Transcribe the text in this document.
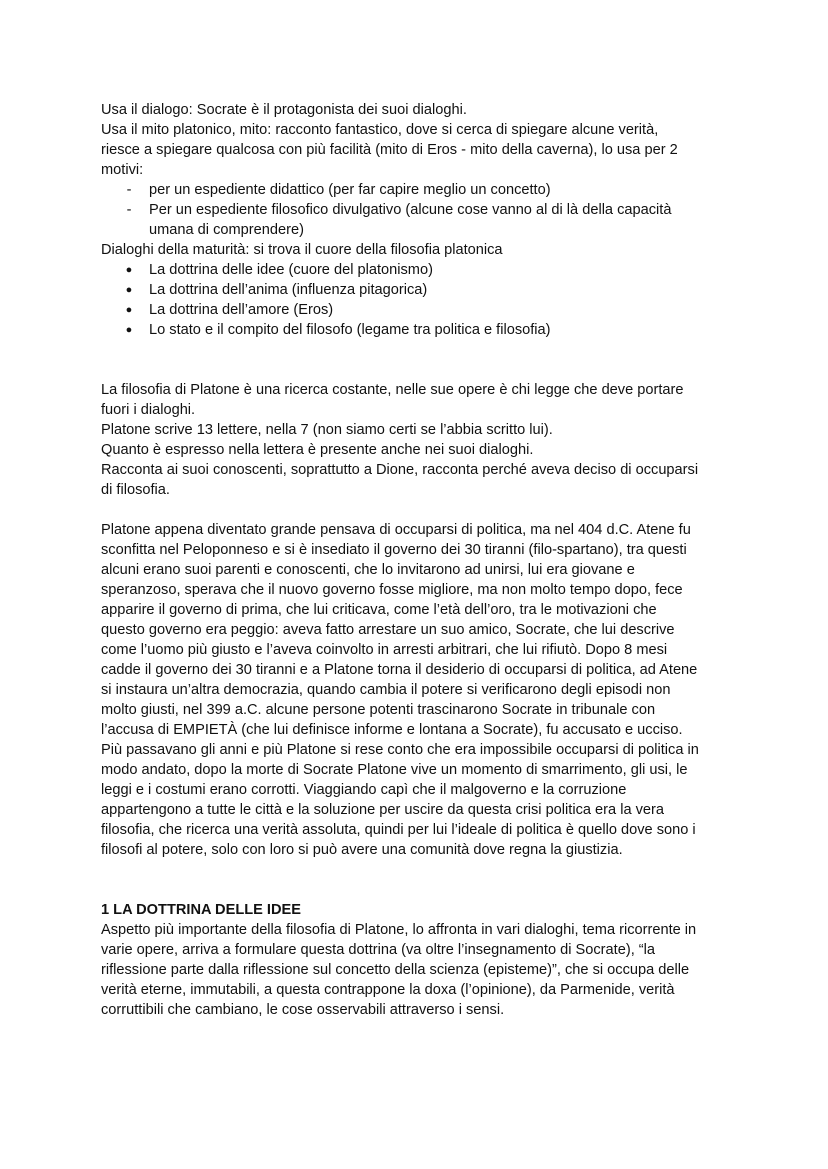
Usa il dialogo: Socrate è il protagonista dei suoi dialoghi.
Usa il mito platonico, mito: racconto fantastico, dove si cerca di spiegare alcune verità,
riesce a spiegare qualcosa con più facilità (mito di Eros - mito della caverna), lo usa per 2
motivi:
-	per un espediente didattico (per far capire meglio un concetto)
-	Per un espediente filosofico divulgativo (alcune cose vanno al di là della capacità
umana di comprendere)
Dialoghi della maturità: si trova il cuore della filosofia platonica
●	La dottrina delle idee (cuore del platonismo)
●	La dottrina dell’anima (influenza pitagorica)
●	La dottrina dell’amore (Eros)
●	Lo stato e il compito del filosofo (legame tra politica e filosofia)
La filosofia di Platone è una ricerca costante, nelle sue opere è chi legge che deve portare
fuori i dialoghi.
Platone scrive 13 lettere, nella 7 (non siamo certi se l’abbia scritto lui).
Quanto è espresso nella lettera è presente anche nei suoi dialoghi.
Racconta ai suoi conoscenti, soprattutto a Dione, racconta perché aveva deciso di occuparsi
di filosofia.
Platone appena diventato grande pensava di occuparsi di politica, ma nel 404 d.C. Atene fu
sconfitta nel Peloponneso e si è insediato il governo dei 30 tiranni (filo-spartano), tra questi
alcuni erano suoi parenti e conoscenti, che lo invitarono ad unirsi, lui era giovane e
speranzoso, sperava che il nuovo governo fosse migliore, ma non molto tempo dopo, fece
apparire il governo di prima, che lui criticava, come l’età dell’oro, tra le motivazioni che
questo governo era peggio: aveva fatto arrestare un suo amico, Socrate, che lui descrive
come l’uomo più giusto e l’aveva coinvolto in arresti arbitrari, che lui rifiutò. Dopo 8 mesi
cadde il governo dei 30 tiranni e a Platone torna il desiderio di occuparsi di politica, ad Atene
si instaura un’altra democrazia, quando cambia il potere si verificarono degli episodi non
molto giusti, nel 399 a.C. alcune persone potenti trascinarono Socrate in tribunale con
l’accusa di EMPIETÀ (che lui definisce informe e lontana a Socrate), fu accusato e ucciso.
Più passavano gli anni e più Platone si rese conto che era impossibile occuparsi di politica in
modo andato, dopo la morte di Socrate Platone vive un momento di smarrimento, gli usi, le
leggi e i costumi erano corrotti. Viaggiando capì che il malgoverno e la corruzione
appartengono a tutte le città e la soluzione per uscire da questa crisi politica era la vera
filosofia, che ricerca una verità assoluta, quindi per lui l’ideale di politica è quello dove sono i
filosofi al potere, solo con loro si può avere una comunità dove regna la giustizia.
1 LA DOTTRINA DELLE IDEE
Aspetto più importante della filosofia di Platone, lo affronta in vari dialoghi, tema ricorrente in
varie opere, arriva a formulare questa dottrina (va oltre l’insegnamento di Socrate), “la
riflessione parte dalla riflessione sul concetto della scienza (episteme)”, che si occupa delle
verità eterne, immutabili, a questa contrappone la doxa (l’opinione), da Parmenide, verità
corruttibili che cambiano, le cose osservabili attraverso i sensi.
